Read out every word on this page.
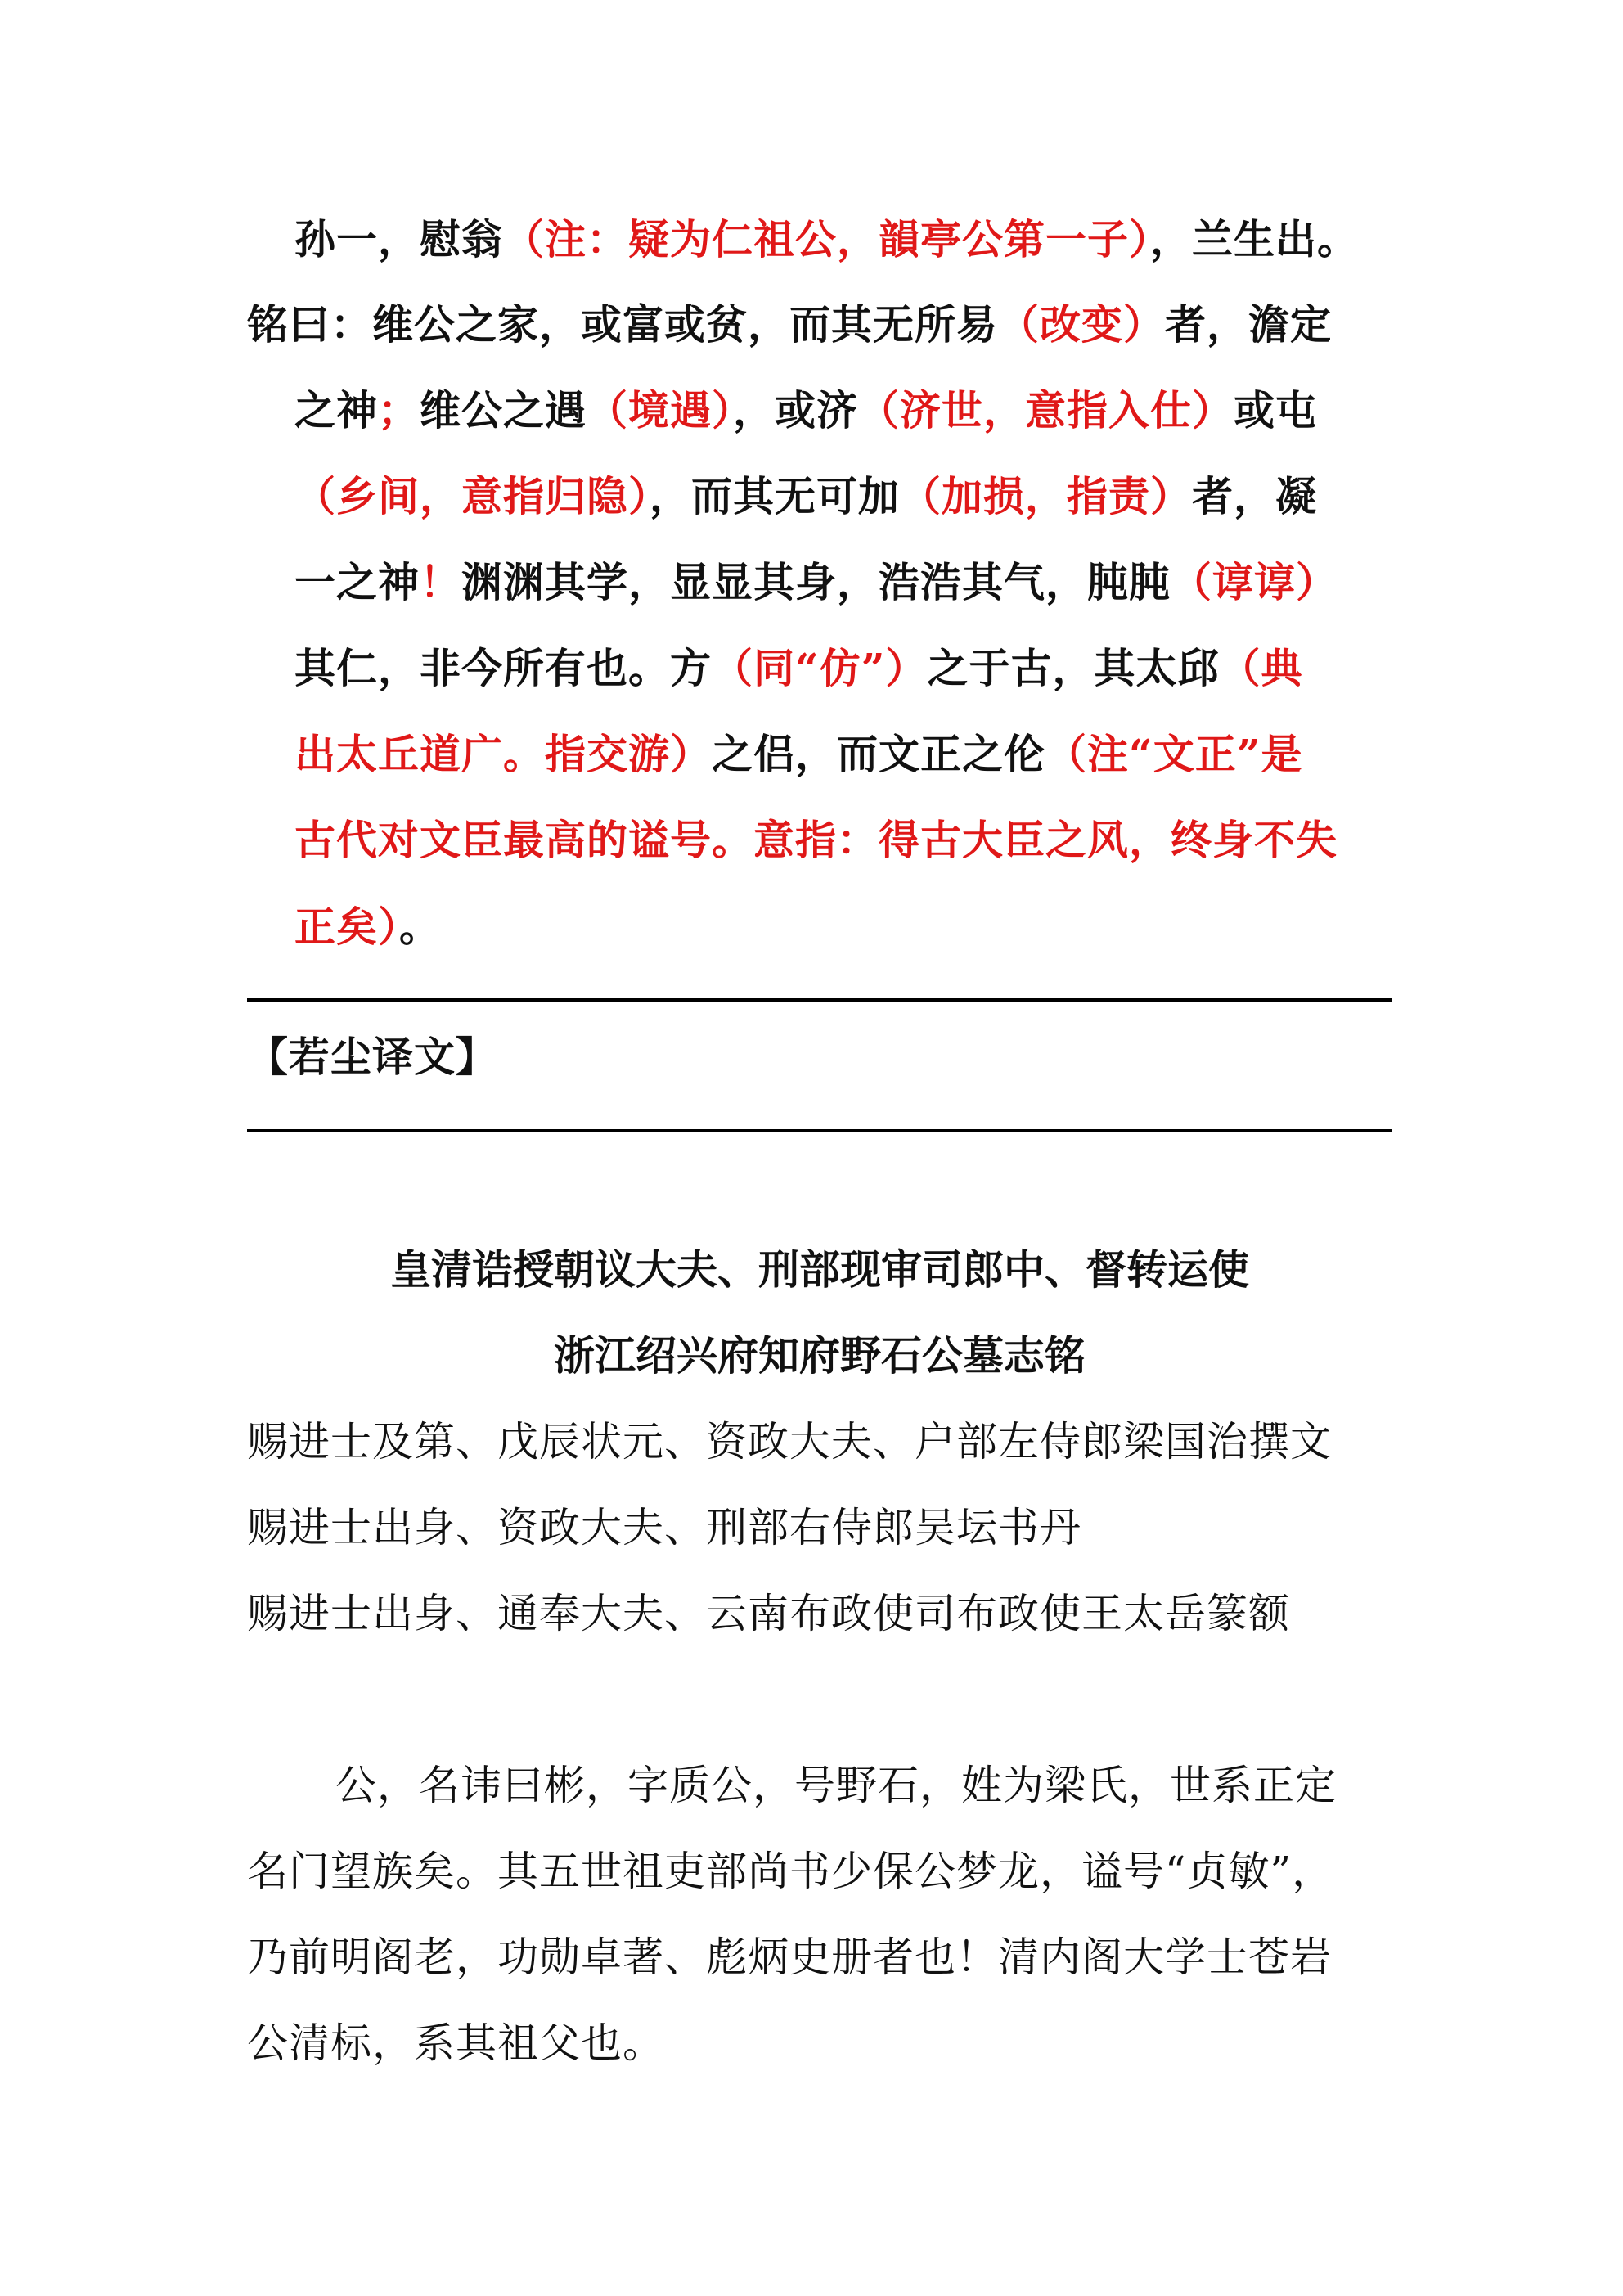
孙一，慰翁（注：疑为仁祖公，韻亭公第一子），兰生出。
铭曰：维公之家，或富或贫，而其无所易（改变）者，澹定
之神；维公之遇（境遇），或济（济世，意指入仕）或屯
（乡间，意指归隐），而其无可加（加损，指责）者，凝
一之神！渊渊其学，显显其身，浩浩其气，肫肫（谆谆）
其仁，非今所有也。方（同“仿”）之于古，其太邱（典
出太丘道广。指交游）之侣，而文正之伦（注“文正”是
古代对文臣最高的谥号。意指：得古大臣之风，终身不失
正矣）。
【若尘译文】
皇清诰授朝议大夫、刑部现审司郎中、督转运使
浙江绍兴府知府野石公墓志铭
赐进士及第、戊辰状元、资政大夫、户部左侍郎梁国治撰文
赐进士出身、资政大夫、刑部右侍郎吴坛书丹
赐进士出身、通奉大夫、云南布政使司布政使王太岳篆额
公，名讳曰彬，字质公，号野石，姓为梁氏，世系正定
名门望族矣。其五世祖吏部尚书少保公梦龙，谥号“贞敏”，
乃前明阁老，功勋卓著、彪炳史册者也！清内阁大学士苍岩
公清标，系其祖父也。
